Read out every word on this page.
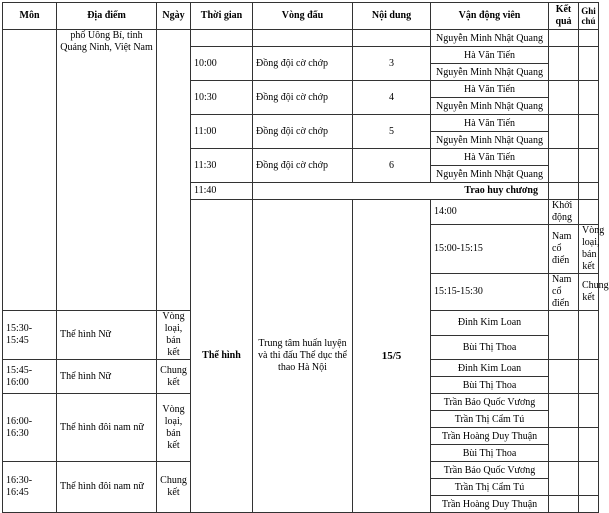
Môn	Địa điểm	Ngày	Thời gian	Vòng đấu	Nội dung	Vận động viên	Kết quả	Ghi chú	
	phố Uông Bí, tỉnh Quảng Ninh, Việt Nam					Nguyễn Minh Nhật Quang			
			10:00	Đồng đội cờ chớp	3	Hà Văn Tiến			
						Nguyễn Minh Nhật Quang			
			10:30	Đồng đội cờ chớp	4	Hà Văn Tiến			
						Nguyễn Minh Nhật Quang			
			11:00	Đồng đội cờ chớp	5	Hà Văn Tiến			
						Nguyễn Minh Nhật Quang			
			11:30	Đồng đội cờ chớp	6	Hà Văn Tiến			
						Nguyễn Minh Nhật Quang			
			11:40	Trao huy chương					
			Thể hình	Trung tâm huấn luyện và thi đấu Thể dục thể thao Hà Nội	15/5	14:00	Khởi động				
						15:00-15:15	Nam cổ điển	Vòng loại, bán kết			

						15:15-15:30	Nam cổ điển	Chung kết			
15:30-15:45	Thể hình Nữ	Vòng loại, bán kết				Đinh Kim Loan			
						Bùi Thị Thoa			
15:45-16:00	Thể hình Nữ	Chung kết				Đinh Kim Loan			
						Bùi Thị Thoa			
16:00-16:30	Thể hình đôi nam nữ	Vòng loại, bán kết				Trần Bảo Quốc Vương			
						Trần Thị Cẩm Tú			
						Trần Hoàng Duy Thuận			
						Bùi Thị Thoa			
16:30-16:45	Thể hình đôi nam nữ	Chung kết				Trần Bảo Quốc Vương			
						Trần Thị Cẩm Tú			
						Trần Hoàng Duy Thuận			
